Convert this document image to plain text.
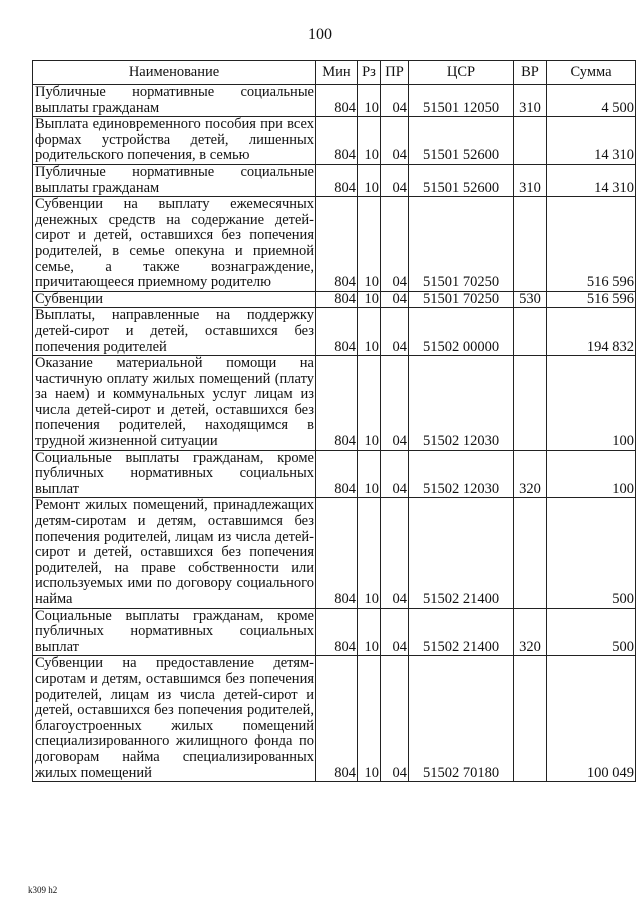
100
Наименование	Мин	Рз	ПР	ЦСР	ВР	Сумма
Публичные нормативные социальные выплаты гражданам	804	10	04	51501 12050	310	4 500
Выплата единовременного пособия при всех формах устройства детей, лишенных родительского попечения, в семью	804	10	04	51501 52600		14 310
Публичные нормативные социальные выплаты гражданам	804	10	04	51501 52600	310	14 310
Субвенции на выплату ежемесячных денежных средств на содержание детей-сирот и детей, оставшихся без попечения родителей, в семье опекуна и приемной семье, а также вознаграждение, причитающееся приемному родителю	804	10	04	51501 70250		516 596
Субвенции	804	10	04	51501 70250	530	516 596
Выплаты, направленные на поддержку детей-сирот и детей, оставшихся без попечения родителей	804	10	04	51502 00000		194 832
Оказание материальной помощи на частичную оплату жилых помещений (плату за наем) и коммунальных услуг лицам из числа детей-сирот и детей, оставшихся без попечения родителей, находящимся в трудной жизненной ситуации	804	10	04	51502 12030		100
Социальные выплаты гражданам, кроме публичных нормативных социальных выплат	804	10	04	51502 12030	320	100
Ремонт жилых помещений, принадлежащих детям-сиротам и детям, оставшимся без попечения родителей, лицам из числа детей-сирот и детей, оставшихся без попечения родителей, на праве собственности или используемых ими по договору социального найма	804	10	04	51502 21400		500
Социальные выплаты гражданам, кроме публичных нормативных социальных выплат	804	10	04	51502 21400	320	500
Субвенции на предоставление детям-сиротам и детям, оставшимся без попечения родителей, лицам из числа детей-сирот и детей, оставшихся без попечения родителей, благоустроенных жилых помещений специализированного жилищного фонда по договорам найма специализированных жилых помещений	804	10	04	51502 70180		100 049
k309 h2
